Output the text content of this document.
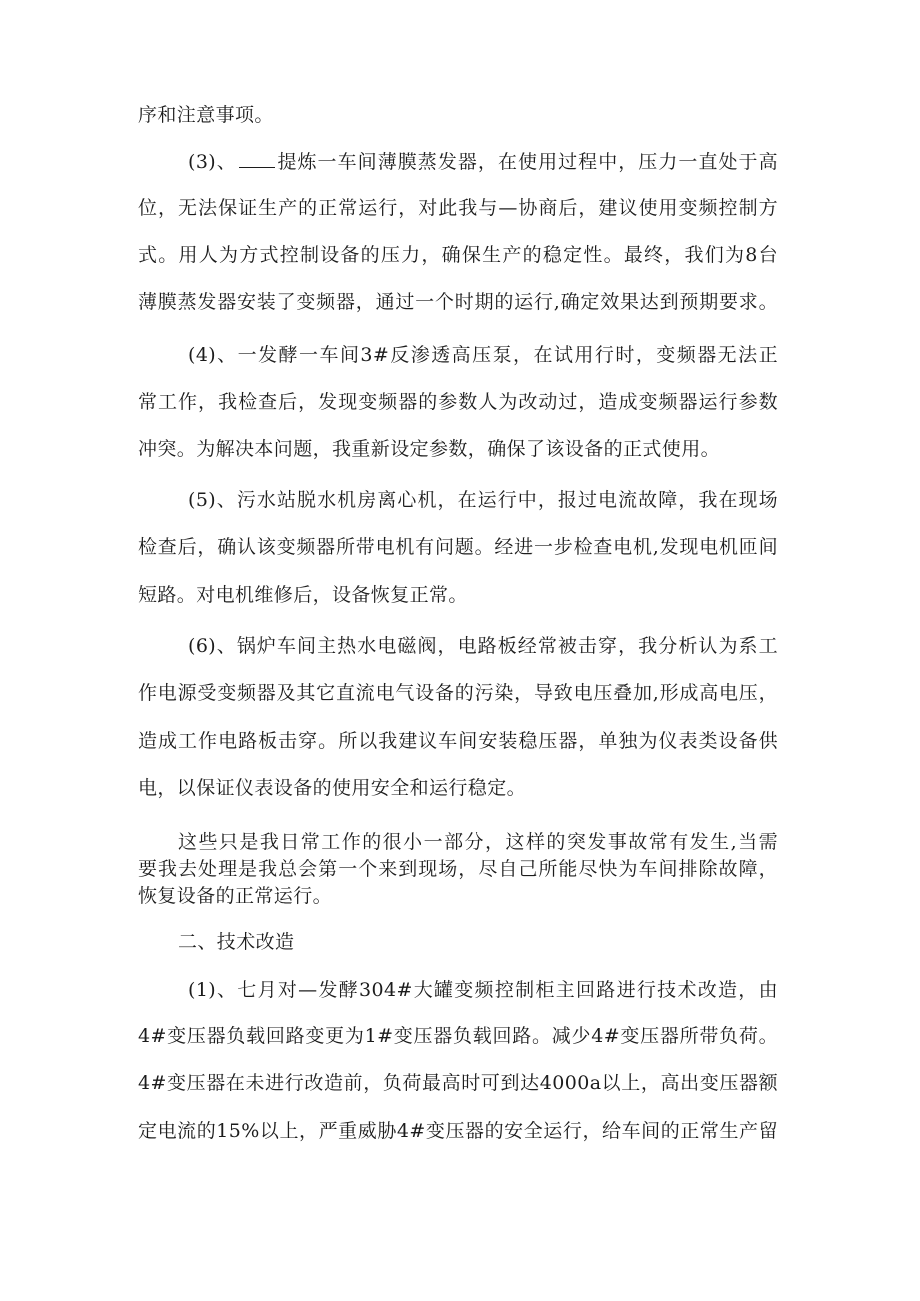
序和注意事项。

(3)、 提炼一车间薄膜蒸发器，在使用过程中，压力一直处于高

位，无法保证生产的正常运行，对此我与—协商后，建议使用变频控制方

式。用人为方式控制设备的压力，确保生产的稳定性。最终，我们为8台

薄膜蒸发器安装了变频器，通过一个时期的运行,确定效果达到预期要求。

(4)、一发酵一车间3#反渗透高压泵，在试用行时，变频器无法正

常工作，我检查后，发现变频器的参数人为改动过，造成变频器运行参数

冲突。为解决本问题，我重新设定参数，确保了该设备的正式使用。

(5)、污水站脱水机房离心机，在运行中，报过电流故障，我在现场

检查后，确认该变频器所带电机有问题。经进一步检查电机,发现电机匝间

短路。对电机维修后，设备恢复正常。

(6)、锅炉车间主热水电磁阀，电路板经常被击穿，我分析认为系工

作电源受变频器及其它直流电气设备的污染，导致电压叠加,形成高电压，

造成工作电路板击穿。所以我建议车间安装稳压器，单独为仪表类设备供

电，以保证仪表设备的使用安全和运行稳定。

这些只是我日常工作的很小一部分，这样的突发事故常有发生,当需

要我去处理是我总会第一个来到现场，尽自己所能尽快为车间排除故障，

恢复设备的正常运行。

二、技术改造

(1)、七月对—发酵304#大罐变频控制柜主回路进行技术改造，由

4#变压器负载回路变更为1#变压器负载回路。减少4#变压器所带负荷。

4#变压器在未进行改造前，负荷最高时可到达4000a以上，高出变压器额

定电流的15%以上，严重威胁4#变压器的安全运行，给车间的正常生产留
